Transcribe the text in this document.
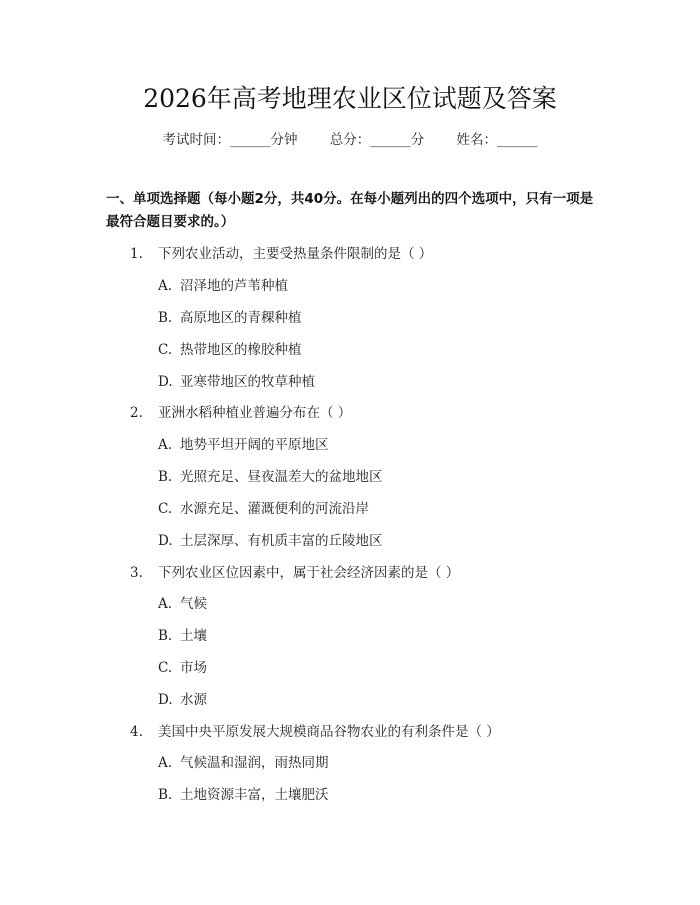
2026年高考地理农业区位试题及答案
考试时间：______分钟 总分：______分 姓名：______
一、单项选择题（每小题2分，共40分。在每小题列出的四个选项中，只有一项是最符合题目要求的。）
1. 下列农业活动，主要受热量条件限制的是（ ）
A. 沼泽地的芦苇种植
B. 高原地区的青稞种植
C. 热带地区的橡胶种植
D. 亚寒带地区的牧草种植
2. 亚洲水稻种植业普遍分布在（ ）
A. 地势平坦开阔的平原地区
B. 光照充足、昼夜温差大的盆地地区
C. 水源充足、灌溉便利的河流沿岸
D. 土层深厚、有机质丰富的丘陵地区
3. 下列农业区位因素中，属于社会经济因素的是（ ）
A. 气候
B. 土壤
C. 市场
D. 水源
4. 美国中央平原发展大规模商品谷物农业的有利条件是（ ）
A. 气候温和湿润，雨热同期
B. 土地资源丰富，土壤肥沃
